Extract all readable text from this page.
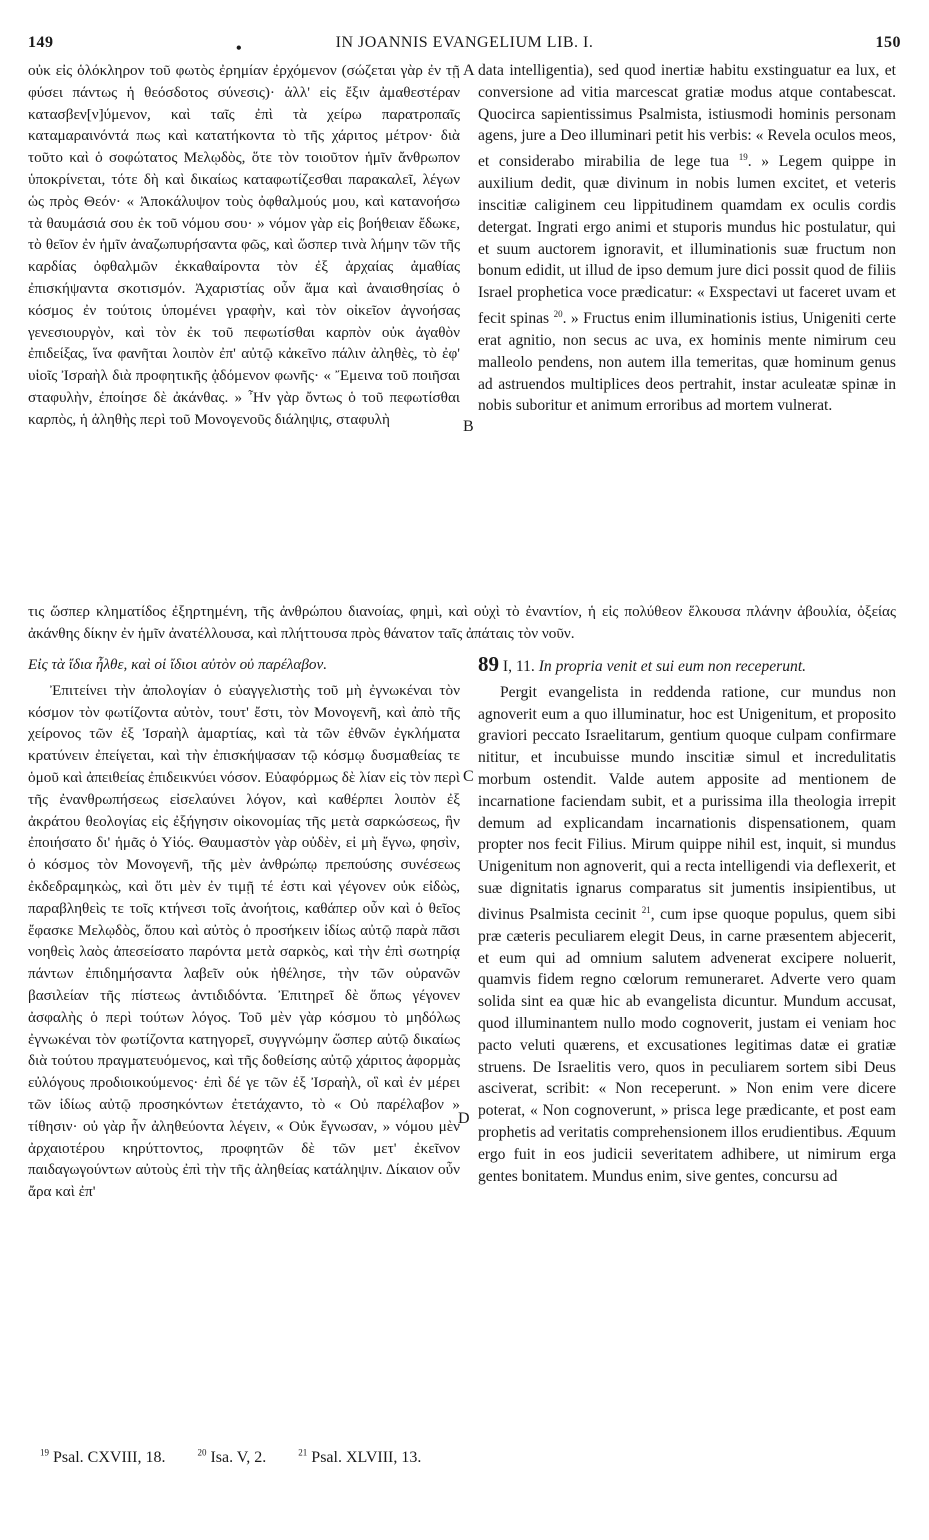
149	•	IN JOANNIS EVANGELIUM LIB. I.	150

οὐκ εἰς ὁλόκληρον τοῦ φωτὸς ἐρημίαν ἐρχόμενον (σώζεται γὰρ ἐν τῇ φύσει πάντως ἡ θεόσδοτος σύνεσις)· ἀλλ' εἰς ἔξιν ἀμαθεστέραν κατασβεν[ν]ύμενον, καὶ ταῖς ἐπὶ τὰ χείρω παρατροπαῖς καταμαραινόντά πως καὶ κατατήκοντα τὸ τῆς χάριτος μέτρον· διὰ τοῦτο καὶ ὁ σοφώτατος Μελῳδὸς, ὅτε τὸν τοιοῦτον ἡμῖν ἄνθρωπον ὑποκρίνεται, τότε δὴ καὶ δικαίως καταφωτίζεσθαι παρακαλεῖ, λέγων ὡς πρὸς Θεόν· « Ἀποκάλυψον τοὺς ὀφθαλμούς μου, καὶ κατανοήσω τὰ θαυμάσιά σου ἐκ τοῦ νόμου σου· » νόμον γὰρ εἰς βοήθειαν ἔδωκε, τὸ θεῖον ἐν ἡμῖν ἀναζωπυρήσαντα φῶς, καὶ ὥσπερ τινὰ λήμην τῶν τῆς καρδίας ὀφθαλμῶν ἐκκαθαίροντα τὸν ἐξ ἀρχαίας ἀμαθίας ἐπισκήψαντα σκοτισμόν. Ἀχαριστίας οὖν ἅμα καὶ ἀναισθησίας ὁ κόσμος ἐν τούτοις ὑπομένει γραφὴν, καὶ τὸν οἰκεῖον ἀγνοήσας γενεσιουργὸν, καὶ τὸν ἐκ τοῦ πεφωτίσθαι καρπὸν οὐκ ἀγαθὸν ἐπιδείξας, ἵνα φανῆται λοιπὸν ἐπ' αὐτῷ κἀκεῖνο πάλιν ἀληθὲς, τὸ ἐφ' υἱοῖς Ἰσραὴλ διὰ προφητικῆς ᾀδόμενον φωνῆς· « Ἔμεινα τοῦ ποιῆσαι σταφυλὴν, ἐποίησε δὲ ἀκάνθας. » Ἦν γὰρ ὄντως ὁ τοῦ πεφωτίσθαι καρπὸς, ἡ ἀληθὴς περὶ τοῦ Μονογενοῦς διάληψις, σταφυλὴ

data intelligentia), sed quod inertiæ habitu exstinguatur ea lux, et conversione ad vitia marcescat gratiæ modus atque contabescat. Quocirca sapientissimus Psalmista, istiusmodi hominis personam agens, jure a Deo illuminari petit his verbis: « Revela oculos meos, et considerabo mirabilia de lege tua $^{19}$. » Legem quippe in auxilium dedit, quæ divinum in nobis lumen excitet, et veteris inscitiæ caliginem ceu lippitudinem quamdam ex oculis cordis detergat. Ingrati ergo animi et stuporis mundus hic postulatur, qui et suum auctorem ignoravit, et illuminationis suæ fructum non bonum edidit, ut illud de ipso demum jure dici possit quod de filiis Israel prophetica voce prædicatur: « Exspectavi ut faceret uvam et fecit spinas $^{20}$. » Fructus enim illuminationis istius, Unigeniti certe erat agnitio, non secus ac uva, ex hominis mente nimirum ceu malleolo pendens, non autem illa temeritas, quæ hominum genus ad astruendos multiplices deos pertrahit, instar aculeatæ spinæ in nobis suboritur et animum erroribus ad mortem vulnerat.

A
B

τις ὥσπερ κληματίδος ἐξηρτημένη, τῆς ἀνθρώπου διανοίας, φημὶ, καὶ οὐχὶ τὸ ἐναντίον, ἡ εἰς πολύθεον ἕλκουσα πλάνην ἀβουλία, ὀξείας ἀκάνθης δίκην ἐν ἡμῖν ἀνατέλλουσα, καὶ πλήττουσα πρὸς θάνατον ταῖς ἀπάταις τὸν νοῦν.

Εἰς τὰ ἴδια ἦλθε, καὶ οἱ ἴδιοι αὐτὸν οὐ παρέλαβον.

Ἐπιτείνει τὴν ἀπολογίαν ὁ εὐαγγελιστὴς τοῦ μὴ ἐγνωκέναι τὸν κόσμον τὸν φωτίζοντα αὐτὸν, τουτ' ἔστι, τὸν Μονογενῆ, καὶ ἀπὸ τῆς χείρονος τῶν ἐξ Ἰσραὴλ ἁμαρτίας, καὶ τὰ τῶν ἐθνῶν ἐγκλήματα κρατύνειν ἐπείγεται, καὶ τὴν ἐπισκήψασαν τῷ κόσμῳ δυσμαθείας τε ὁμοῦ καὶ ἀπειθείας ἐπιδεικνύει νόσον. Εὐαφόρμως δὲ λίαν εἰς τὸν περὶ τῆς ἐνανθρωπήσεως εἰσελαύνει λόγον, καὶ καθέρπει λοιπὸν ἐξ ἀκράτου θεολογίας εἰς ἐξήγησιν οἰκονομίας τῆς μετὰ σαρκώσεως, ἣν ἐποιήσατο δι' ἡμᾶς ὁ Υἱός. Θαυμαστὸν γὰρ οὐδὲν, εἰ μὴ ἔγνω, φησὶν, ὁ κόσμος τὸν Μονογενῆ, τῆς μὲν ἀνθρώπῳ πρεπούσης συνέσεως ἐκδεδραμηκὼς, καὶ ὅτι μὲν ἐν τιμῇ τέ ἐστι καὶ γέγονεν οὐκ εἰδὼς, παραβληθεὶς τε τοῖς κτήνεσι τοῖς ἀνοήτοις, καθάπερ οὖν καὶ ὁ θεῖος ἔφασκε Μελῳδὸς, ὅπου καὶ αὐτὸς ὁ προσήκειν ἰδίως αὐτῷ παρὰ πᾶσι νοηθεὶς λαὸς ἀπεσείσατο παρόντα μετὰ σαρκὸς, καὶ τὴν ἐπὶ σωτηρίᾳ πάντων ἐπιδημήσαντα λαβεῖν οὐκ ἠθέλησε, τὴν τῶν οὐρανῶν βασιλείαν τῆς πίστεως ἀντιδιδόντα. Ἐπιτηρεῖ δὲ ὅπως γέγονεν ἀσφαλὴς ὁ περὶ τούτων λόγος. Τοῦ μὲν γὰρ κόσμου τὸ μηδόλως ἐγνωκέναι τὸν φωτίζοντα κατηγορεῖ, συγγνώμην ὥσπερ αὐτῷ δικαίως διὰ τούτου πραγματευόμενος, καὶ τῆς δοθείσης αὐτῷ χάριτος ἀφορμὰς εὐλόγους προδιοικούμενος· ἐπὶ δέ γε τῶν ἐξ Ἰσραὴλ, οἳ καὶ ἐν μέρει τῶν ἰδίως αὐτῷ προσηκόντων ἐτετάχαντο, τὸ « Οὐ παρέλαβον » τίθησιν· οὐ γὰρ ἦν ἀληθεύοντα λέγειν, « Οὐκ ἔγνωσαν, » νόμου μὲν ἀρχαιοτέρου κηρύττοντος, προφητῶν δὲ τῶν μετ' ἐκεῖνον παιδαγωγούντων αὐτοὺς ἐπὶ τὴν τῆς ἀληθείας κατάληψιν. Δίκαιον οὖν ἄρα καὶ ἐπ'

89 I, 11. In propria venit et sui eum non receperunt.

Pergit evangelista in reddenda ratione, cur mundus non agnoverit eum a quo illuminatur, hoc est Unigenitum, et proposito graviori peccato Israelitarum, gentium quoque culpam confirmare nititur, et incubuisse mundo inscitiæ simul et incredulitatis morbum ostendit. Valde autem apposite ad mentionem de incarnatione faciendam subit, et a purissima illa theologia irrepit demum ad explicandam incarnationis dispensationem, quam propter nos fecit Filius. Mirum quippe nihil est, inquit, si mundus Unigenitum non agnoverit, qui a recta intelligendi via deflexerit, et suæ dignitatis ignarus comparatus sit jumentis insipientibus, ut divinus Psalmista cecinit $^{21}$, cum ipse quoque populus, quem sibi præ cæteris peculiarem elegit Deus, in carne præsentem abjecerit, et eum qui ad omnium salutem advenerat excipere noluerit, quamvis fidem regno cœlorum remuneraret. Adverte vero quam solida sint ea quæ hic ab evangelista dicuntur. Mundum accusat, quod illuminantem nullo modo cognoverit, justam ei veniam hoc pacto veluti quærens, et excusationes legitimas datæ ei gratiæ struens. De Israelitis vero, quos in peculiarem sortem sibi Deus asciverat, scribit: « Non receperunt. » Non enim vere dicere poterat, « Non cognoverunt, » prisca lege prædicante, et post eam prophetis ad veritatis comprehensionem illos erudientibus. Æquum ergo fuit in eos judicii severitatem adhibere, ut nimirum erga gentes bonitatem. Mundus enim, sive gentes, concursu ad

C
D
$^{19}$ Psal. CXVIII, 18.	$^{20}$ Isa. V, 2.	$^{21}$ Psal. XLVIII, 13.
